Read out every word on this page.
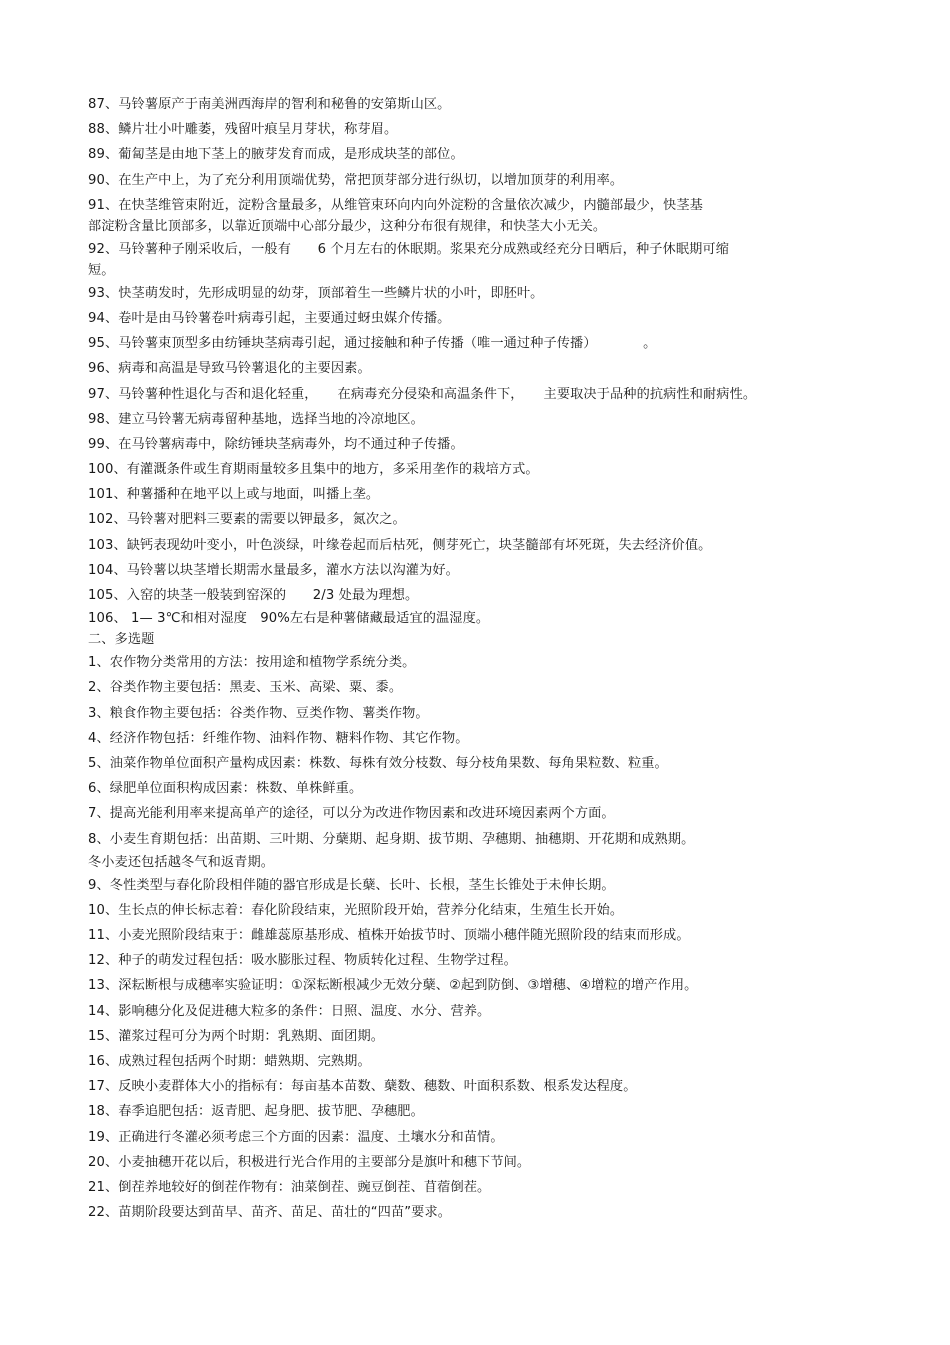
87、马铃薯原产于南美洲西海岸的智利和秘鲁的安第斯山区。
88、鳞片壮小叶雕萎，残留叶痕呈月芽状，称芽眉。
89、葡匐茎是由地下茎上的腋芽发育而成，是形成块茎的部位。
90、在生产中上，为了充分利用顶端优势，常把顶芽部分进行纵切，以增加顶芽的利用率。
91、在快茎维管束附近，淀粉含量最多，从维管束环向内向外淀粉的含量依次减少，内髓部最少，快茎基
部淀粉含量比顶部多，以靠近顶端中心部分最少，这种分布很有规律，和快茎大小无关。
92、马铃薯种子刚采收后，一般有　　6 个月左右的休眠期。浆果充分成熟或经充分日晒后，种子休眠期可缩
短。
93、快茎萌发时，先形成明显的幼芽，顶部着生一些鳞片状的小叶，即胚叶。
94、卷叶是由马铃薯卷叶病毒引起，主要通过蚜虫媒介传播。
95、马铃薯束顶型多由纺锤块茎病毒引起，通过接触和种子传播（唯一通过种子传播）　　　　。
96、病毒和高温是导致马铃薯退化的主要因素。
97、马铃薯种性退化与否和退化轻重，　　在病毒充分侵染和高温条件下，　　主要取决于品种的抗病性和耐病性。
98、建立马铃薯无病毒留种基地，选择当地的冷凉地区。
99、在马铃薯病毒中，除纺锤块茎病毒外，均不通过种子传播。
100、有灌溉条件或生育期雨量较多且集中的地方，多采用垄作的栽培方式。
101、种薯播种在地平以上或与地面，叫播上垄。
102、马铃薯对肥料三要素的需要以钾最多，氮次之。
103、缺钙表现幼叶变小，叶色淡绿，叶缘卷起而后枯死，侧芽死亡，块茎髓部有坏死斑，失去经济价值。
104、马铃薯以块茎增长期需水量最多，灌水方法以沟灌为好。
105、入窑的块茎一般装到窑深的　　2/3 处最为理想。
106、 1— 3℃和相对湿度　90%左右是种薯储藏最适宜的温湿度。
二、多选题
1、农作物分类常用的方法：按用途和植物学系统分类。
2、谷类作物主要包括：黑麦、玉米、高梁、粟、黍。
3、粮食作物主要包括：谷类作物、豆类作物、薯类作物。
4、经济作物包括：纤维作物、油料作物、糖料作物、其它作物。
5、油菜作物单位面积产量构成因素：株数、每株有效分枝数、每分枝角果数、每角果粒数、粒重。
6、绿肥单位面积构成因素：株数、单株鲜重。
7、提高光能利用率来提高单产的途径，可以分为改进作物因素和改进环境因素两个方面。
8、小麦生育期包括：出苗期、三叶期、分蘖期、起身期、拔节期、孕穗期、抽穗期、开花期和成熟期。
冬小麦还包括越冬气和返青期。
9、冬性类型与春化阶段相伴随的器官形成是长蘖、长叶、长根，茎生长锥处于未伸长期。
10、生长点的伸长标志着：春化阶段结束，光照阶段开始，营养分化结束，生殖生长开始。
11、小麦光照阶段结束于：雌雄蕊原基形成、植株开始拔节时、顶端小穗伴随光照阶段的结束而形成。
12、种子的萌发过程包括：吸水膨胀过程、物质转化过程、生物学过程。
13、深耘断根与成穗率实验证明：①深耘断根减少无效分蘖、②起到防倒、③增穗、④增粒的增产作用。
14、影响穗分化及促进穗大粒多的条件：日照、温度、水分、营养。
15、灌浆过程可分为两个时期：乳熟期、面团期。
16、成熟过程包括两个时期：蜡熟期、完熟期。
17、反映小麦群体大小的指标有：每亩基本苗数、蘖数、穗数、叶面积系数、根系发达程度。
18、春季追肥包括：返青肥、起身肥、拔节肥、孕穗肥。
19、正确进行冬灌必须考虑三个方面的因素：温度、土壤水分和苗情。
20、小麦抽穗开花以后，积极进行光合作用的主要部分是旗叶和穗下节间。
21、倒茬养地较好的倒茬作物有：油菜倒茬、豌豆倒茬、苜蓿倒茬。
22、苗期阶段要达到苗早、苗齐、苗足、苗壮的“四苗”要求。
